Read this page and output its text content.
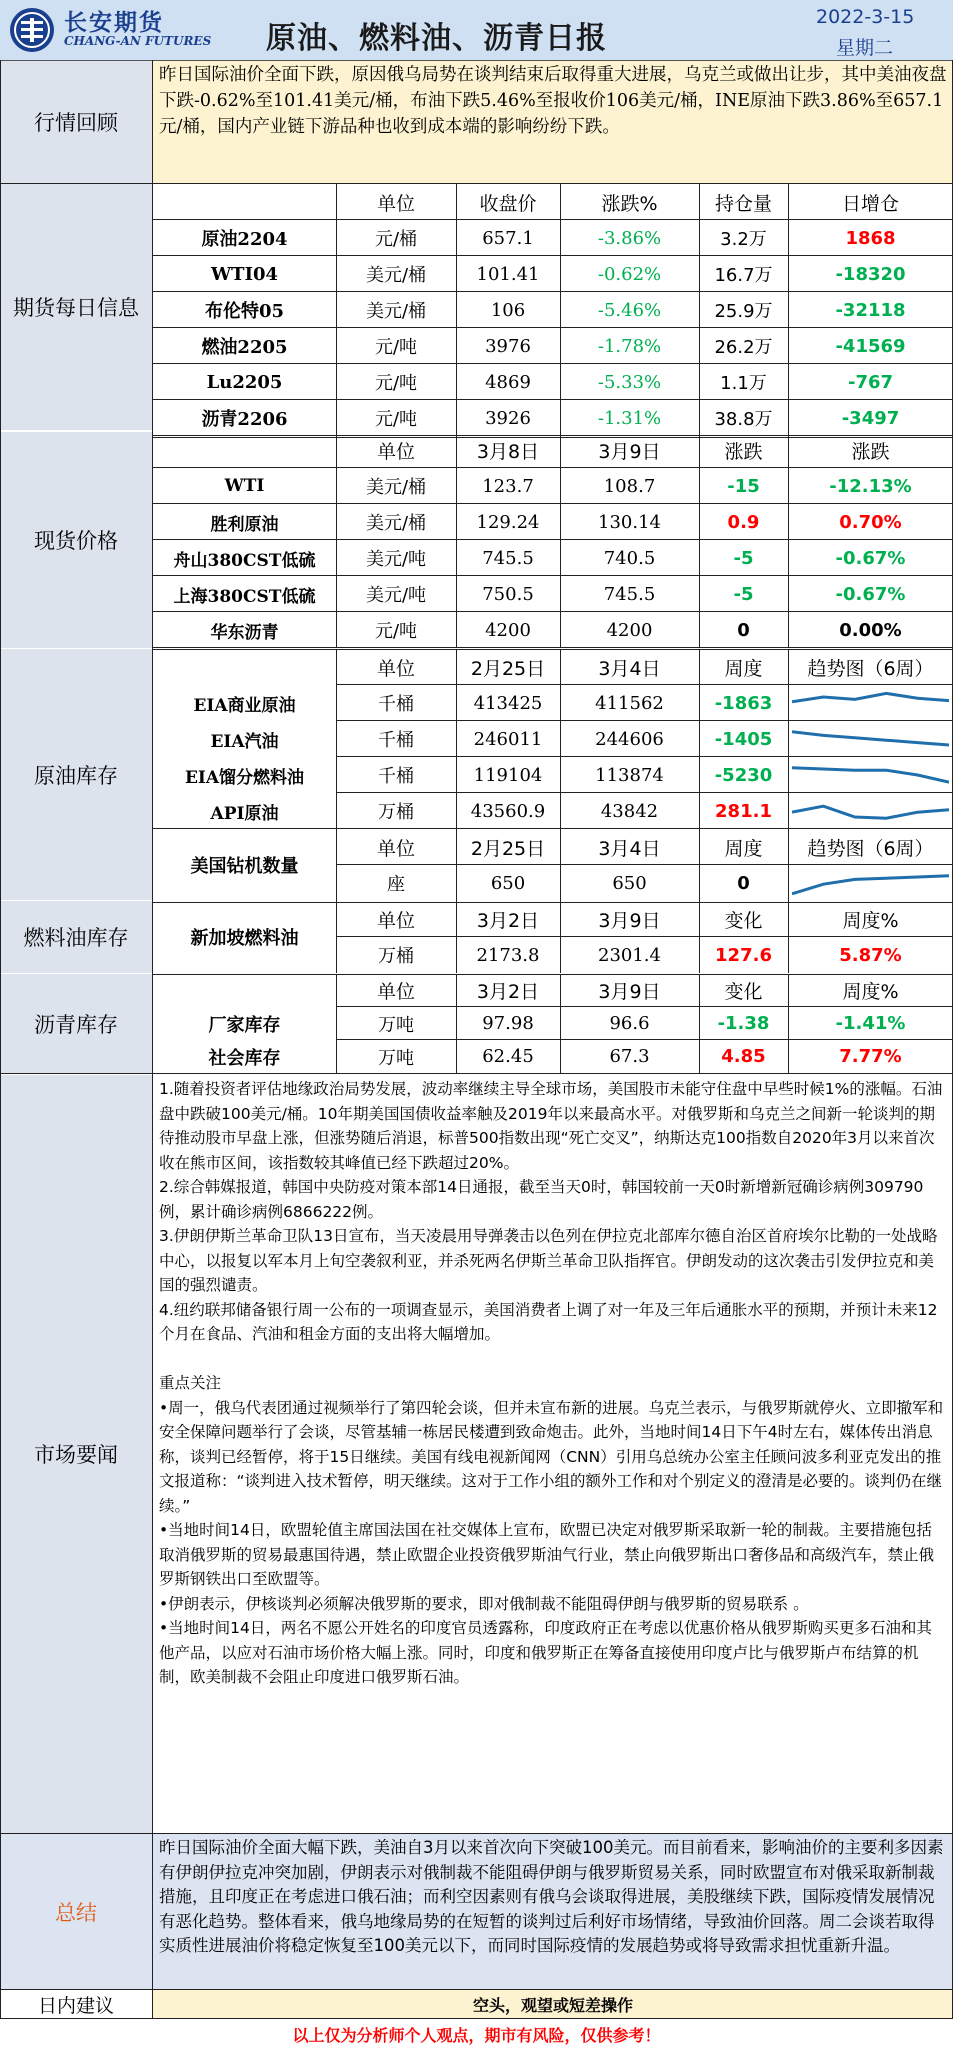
长安期货
CHANG-AN FUTURES 原油、燃料油、沥青日报
2022-3-15
星期二
行情回顾
昨日国际油价全面下跌，原因俄乌局势在谈判结束后取得重大进展，乌克兰或做出让步，其中美油夜盘下跌-0.62%至101.41美元/桶，布油下跌5.46%至报收价106美元/桶，INE原油下跌3.86%至657.1元/桶，国内产业链下游品种也收到成本端的影响纷纷下跌。
期货每日信息
单位	收盘价	涨跌%	持仓量	日增仓
原油2204	元/桶	657.1	-3.86%	3.2万	1868
WTI04	美元/桶	101.41	-0.62%	16.7万	-18320
布伦特05	美元/桶	106	-5.46%	25.9万	-32118
燃油2205	元/吨	3976	-1.78%	26.2万	-41569
Lu2205	元/吨	4869	-5.33%	1.1万	-767
沥青2206	元/吨	3926	-1.31%	38.8万	-3497
现货价格
单位	3月8日	3月9日	涨跌	涨跌
WTI	美元/桶	123.7	108.7	-15	-12.13%
胜利原油	美元/桶	129.24	130.14	0.9	0.70%
舟山380CST低硫	美元/吨	745.5	740.5	-5	-0.67%
上海380CST低硫	美元/吨	750.5	745.5	-5	-0.67%
华东沥青	元/吨	4200	4200	0	0.00%
原油库存
单位	2月25日	3月4日	周度	趋势图（6周）
EIA商业原油	千桶	413425	411562	-1863
EIA汽油	千桶	246011	244606	-1405
EIA馏分燃料油	千桶	119104	113874	-5230
API原油	万桶	43560.9	43842	281.1
美国钻机数量
单位	2月25日	3月4日	周度	趋势图（6周）
座	650	650	0
燃料油库存	新加坡燃料油
单位	3月2日	3月9日	变化	周度%
万桶	2173.8	2301.4	127.6	5.87%
沥青库存
单位	3月2日	3月9日	变化	周度%
厂家库存	万吨	97.98	96.6	-1.38	-1.41%
社会库存	万吨	62.45	67.3	4.85	7.77%
市场要闻
1.随着投资者评估地缘政治局势发展，波动率继续主导全球市场，美国股市未能守住盘中早些时候1%的涨幅。石油盘中跌破100美元/桶。10年期美国国债收益率触及2019年以来最高水平。对俄罗斯和乌克兰之间新一轮谈判的期待推动股市早盘上涨，但涨势随后消退，标普500指数出现“死亡交叉”，纳斯达克100指数自2020年3月以来首次收在熊市区间，该指数较其峰值已经下跌超过20%。
2.综合韩媒报道，韩国中央防疫对策本部14日通报，截至当天0时，韩国较前一天0时新增新冠确诊病例309790例，累计确诊病例6866222例。
3.伊朗伊斯兰革命卫队13日宣布，当天凌晨用导弹袭击以色列在伊拉克北部库尔德自治区首府埃尔比勒的一处战略中心，以报复以军本月上旬空袭叙利亚，并杀死两名伊斯兰革命卫队指挥官。伊朗发动的这次袭击引发伊拉克和美国的强烈谴责。
4.纽约联邦储备银行周一公布的一项调查显示，美国消费者上调了对一年及三年后通胀水平的预期，并预计未来12个月在食品、汽油和租金方面的支出将大幅增加。

重点关注
•周一，俄乌代表团通过视频举行了第四轮会谈，但并未宣布新的进展。乌克兰表示，与俄罗斯就停火、立即撤军和安全保障问题举行了会谈，尽管基辅一栋居民楼遭到致命炮击。此外，当地时间14日下午4时左右，媒体传出消息称，谈判已经暂停，将于15日继续。美国有线电视新闻网（CNN）引用乌总统办公室主任顾问波多利亚克发出的推文报道称：“谈判进入技术暂停，明天继续。这对于工作小组的额外工作和对个别定义的澄清是必要的。谈判仍在继续。”
•当地时间14日，欧盟轮值主席国法国在社交媒体上宣布，欧盟已决定对俄罗斯采取新一轮的制裁。主要措施包括取消俄罗斯的贸易最惠国待遇，禁止欧盟企业投资俄罗斯油气行业，禁止向俄罗斯出口奢侈品和高级汽车，禁止俄罗斯钢铁出口至欧盟等。
•伊朗表示，伊核谈判必须解决俄罗斯的要求，即对俄制裁不能阻碍伊朗与俄罗斯的贸易联系 。
•当地时间14日，两名不愿公开姓名的印度官员透露称，印度政府正在考虑以优惠价格从俄罗斯购买更多石油和其他产品，以应对石油市场价格大幅上涨。同时，印度和俄罗斯正在筹备直接使用印度卢比与俄罗斯卢布结算的机制，欧美制裁不会阻止印度进口俄罗斯石油。
总结
昨日国际油价全面大幅下跌，美油自3月以来首次向下突破100美元。而目前看来，影响油价的主要利多因素有伊朗伊拉克冲突加剧，伊朗表示对俄制裁不能阻碍伊朗与俄罗斯贸易关系，同时欧盟宣布对俄采取新制裁措施，且印度正在考虑进口俄石油；而利空因素则有俄乌会谈取得进展，美股继续下跌，国际疫情发展情况有恶化趋势。整体看来，俄乌地缘局势的在短暂的谈判过后利好市场情绪，导致油价回落。周二会谈若取得实质性进展油价将稳定恢复至100美元以下，而同时国际疫情的发展趋势或将导致需求担忧重新升温。
日内建议	空头，观望或短差操作
以上仅为分析师个人观点，期市有风险，仅供参考！
